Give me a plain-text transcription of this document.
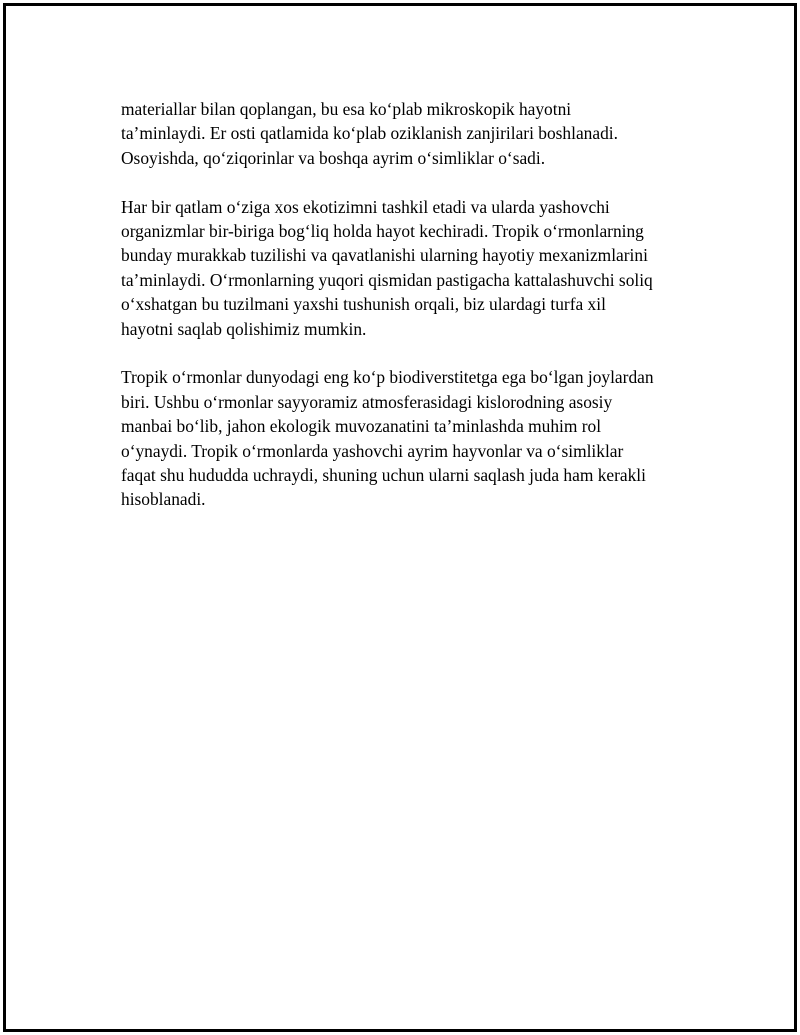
materiallar bilan qoplangan, bu esa ko‘plab mikroskopik hayotni
ta’minlaydi. Er osti qatlamida ko‘plab oziklanish zanjirilari boshlanadi.
Osoyishda, qo‘ziqorinlar va boshqa ayrim o‘simliklar o‘sadi.

Har bir qatlam o‘ziga xos ekotizimni tashkil etadi va ularda yashovchi
organizmlar bir-biriga bog‘liq holda hayot kechiradi. Tropik o‘rmonlarning
bunday murakkab tuzilishi va qavatlanishi ularning hayotiy mexanizmlarini
ta’minlaydi. O‘rmonlarning yuqori qismidan pastigacha kattalashuvchi soliq
o‘xshatgan bu tuzilmani yaxshi tushunish orqali, biz ulardagi turfa xil
hayotni saqlab qolishimiz mumkin.

Tropik o‘rmonlar dunyodagi eng ko‘p biodiverstitetga ega bo‘lgan joylardan
biri. Ushbu o‘rmonlar sayyoramiz atmosferasidagi kislorodning asosiy
manbai bo‘lib, jahon ekologik muvozanatini ta’minlashda muhim rol
o‘ynaydi. Tropik o‘rmonlarda yashovchi ayrim hayvonlar va o‘simliklar
faqat shu hududda uchraydi, shuning uchun ularni saqlash juda ham kerakli
hisoblanadi.
